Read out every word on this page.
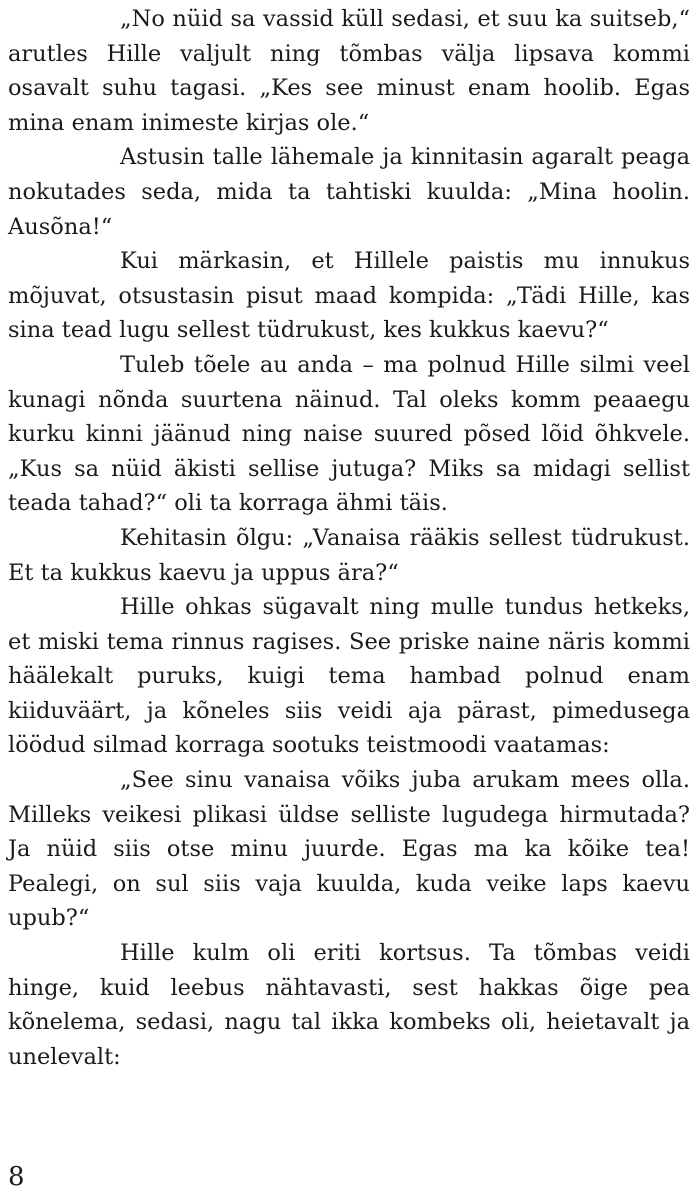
„No nüid sa vassid küll sedasi, et suu ka suitseb,“ arutles Hille valjult ning tõmbas välja lipsava kommi osavalt suhu tagasi. „Kes see minust enam hoolib. Egas mina enam inimeste kirjas ole.“

Astusin talle lähemale ja kinnitasin agaralt peaga nokutades seda, mida ta tahtiski kuulda: „Mina hoolin. Ausõna!“

Kui märkasin, et Hillele paistis mu innukus mõjuvat, otsustasin pisut maad kompida: „Tädi Hille, kas sina tead lugu sellest tüdrukust, kes kukkus kaevu?“

Tuleb tõele au anda – ma polnud Hille silmi veel kunagi nõnda suurtena näinud. Tal oleks komm peaaegu kurku kinni jäänud ning naise suured põsed lõid õhkvele. „Kus sa nüid äkisti sellise jutuga? Miks sa midagi sellist teada tahad?“ oli ta korraga ähmi täis.

Kehitasin õlgu: „Vanaisa rääkis sellest tüdrukust. Et ta kukkus kaevu ja uppus ära?“

Hille ohkas sügavalt ning mulle tundus hetkeks, et miski tema rinnus ragises. See priske naine näris kommi häälekalt puruks, kuigi tema hambad polnud enam kiiduväärt, ja kõneles siis veidi aja pärast, pimedusega löödud silmad korraga sootuks teistmoodi vaatamas:

„See sinu vanaisa võiks juba arukam mees olla. Milleks veikesi plikasi üldse selliste lugudega hirmutada? Ja nüid siis otse minu juurde. Egas ma ka kõike tea! Pealegi, on sul siis vaja kuulda, kuda veike laps kaevu upub?“

Hille kulm oli eriti kortsus. Ta tõmbas veidi hinge, kuid leebus nähtavasti, sest hakkas õige pea kõnelema, sedasi, nagu tal ikka kombeks oli, heietavalt ja unelevalt:

8
